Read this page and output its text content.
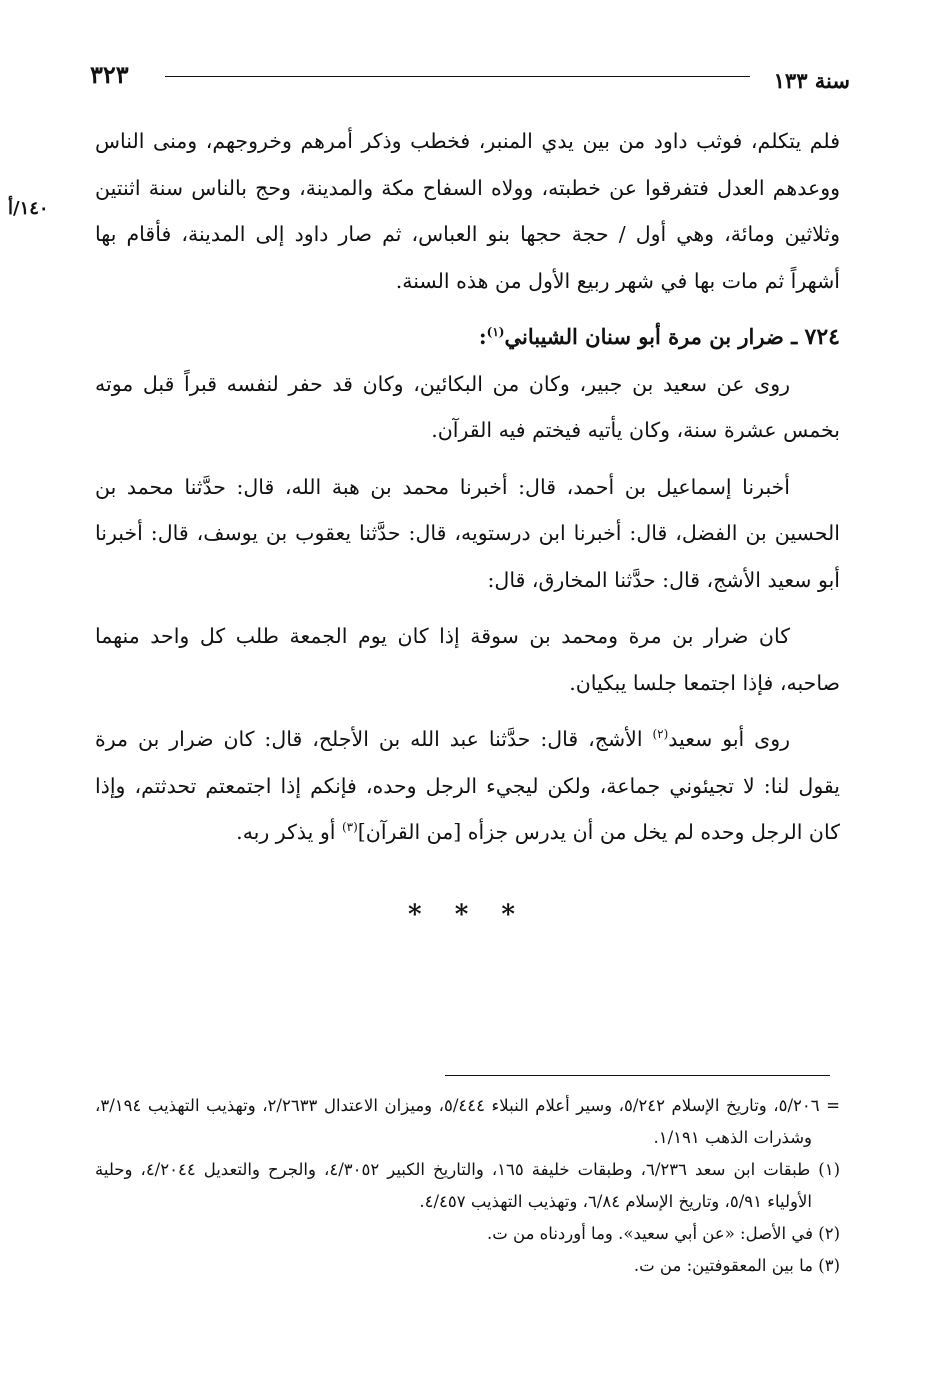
سنة ١٣٣
٣٢٣
١٤٠/أ

فلم يتكلم، فوثب داود من بين يدي المنبر، فخطب وذكر أمرهم وخروجهم، ومنى الناس ووعدهم العدل فتفرقوا عن خطبته، وولاه السفاح مكة والمدينة، وحج بالناس سنة اثنتين وثلاثين ومائة، وهي أول / حجة حجها بنو العباس، ثم صار داود إلى المدينة، فأقام بها أشهراً ثم مات بها في شهر ربيع الأول من هذه السنة.

٧٢٤ ـ ضرار بن مرة أبو سنان الشيباني$^{(١)}$:

روى عن سعيد بن جبير، وكان من البكائين، وكان قد حفر لنفسه قبراً قبل موته بخمس عشرة سنة، وكان يأتيه فيختم فيه القرآن.

أخبرنا إسماعيل بن أحمد، قال: أخبرنا محمد بن هبة الله، قال: حدَّثنا محمد بن الحسين بن الفضل، قال: أخبرنا ابن درستويه، قال: حدَّثنا يعقوب بن يوسف، قال: أخبرنا أبو سعيد الأشج، قال: حدَّثنا المخارق، قال:

كان ضرار بن مرة ومحمد بن سوقة إذا كان يوم الجمعة طلب كل واحد منهما صاحبه، فإذا اجتمعا جلسا يبكيان.

روى أبو سعيد$^{(٢)}$ الأشج، قال: حدَّثنا عبد الله بن الأجلح، قال: كان ضرار بن مرة يقول لنا: لا تجيئوني جماعة، ولكن ليجيء الرجل وحده، فإنكم إذا اجتمعتم تحدثتم، وإذا كان الرجل وحده لم يخل من أن يدرس جزأه [من القرآن]$^{(٣)}$ أو يذكر ربه.

* * *

= ٥/٢٠٦، وتاريخ الإسلام ٥/٢٤٢، وسير أعلام النبلاء ٥/٤٤٤، وميزان الاعتدال ٢/٢٦٣٣، وتهذيب التهذيب ٣/١٩٤، وشذرات الذهب ١/١٩١.

(١) طبقات ابن سعد ٦/٢٣٦، وطبقات خليفة ١٦٥، والتاريخ الكبير ٤/٣٠٥٢، والجرح والتعديل ٤/٢٠٤٤، وحلية الأولياء ٥/٩١، وتاريخ الإسلام ٦/٨٤، وتهذيب التهذيب ٤/٤٥٧.

(٢) في الأصل: «عن أبي سعيد». وما أوردناه من ت.

(٣) ما بين المعقوفتين: من ت.
